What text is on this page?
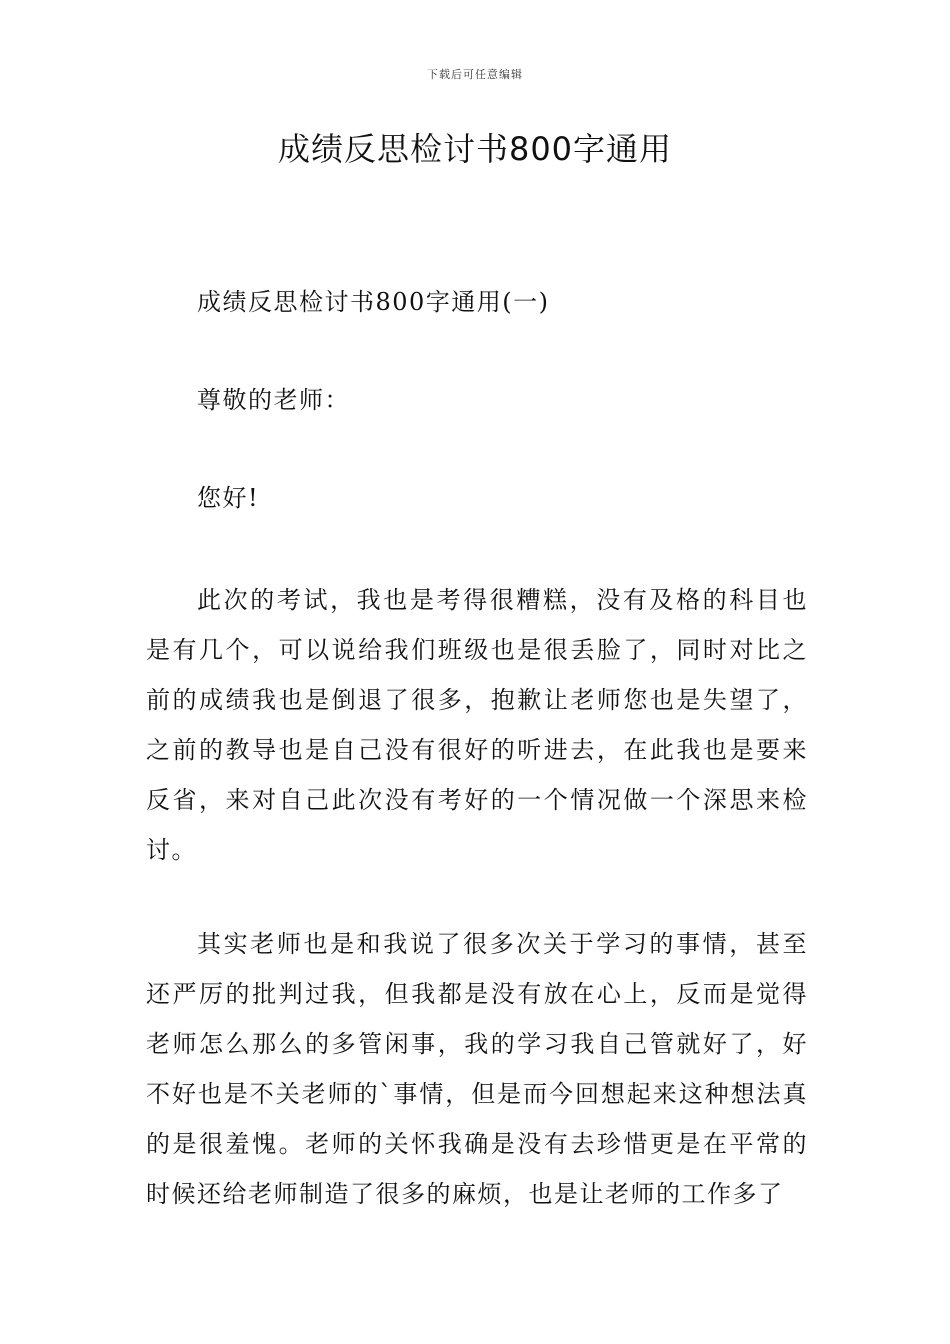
下载后可任意编辑
成绩反思检讨书800字通用
成绩反思检讨书800字通用(一)
尊敬的老师：
您好!

此次的考试，我也是考得很糟糕，没有及格的科目也是有几个，可以说给我们班级也是很丢脸了，同时对比之前的成绩我也是倒退了很多，抱歉让老师您也是失望了，之前的教导也是自己没有很好的听进去，在此我也是要来反省，来对自己此次没有考好的一个情况做一个深思来检讨。

其实老师也是和我说了很多次关于学习的事情，甚至还严厉的批判过我，但我都是没有放在心上，反而是觉得老师怎么那么的多管闲事，我的学习我自己管就好了，好不好也是不关老师的`事情，但是而今回想起来这种想法真的是很羞愧。老师的关怀我确是没有去珍惜更是在平常的时候还给老师制造了很多的麻烦，也是让老师的工作多了
